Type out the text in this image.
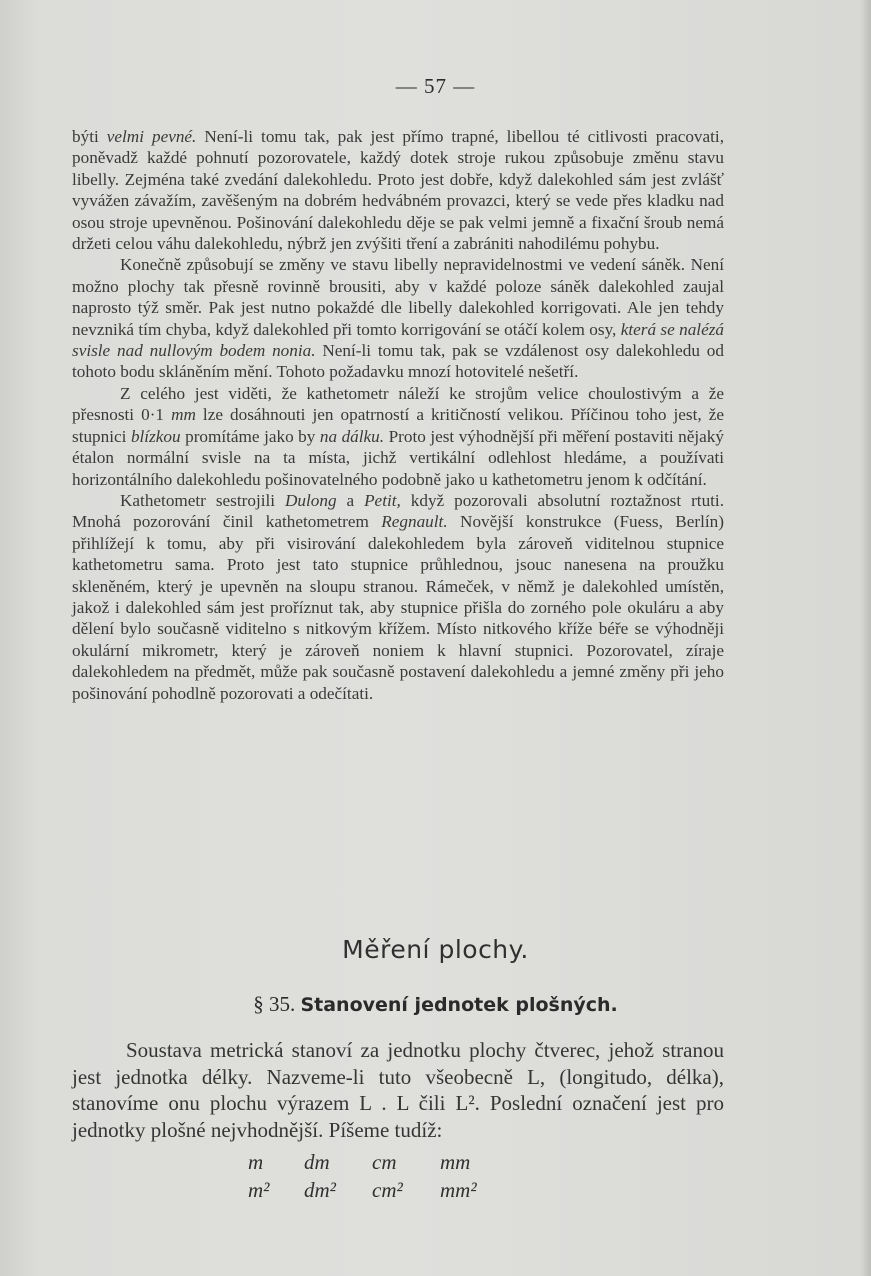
— 57 —

býti velmi pevné. Není-li tomu tak, pak jest přímo trapné, libellou té citlivosti pracovati, poněvadž každé pohnutí pozorovatele, každý dotek stroje rukou způsobuje změnu stavu libelly. Zejména také zvedání dalekohledu. Proto jest dobře, když dalekohled sám jest zvlášť vyvážen závažím, zavěšeným na dobrém hedvábném provazci, který se vede přes kladku nad osou stroje upevněnou. Pošinování dalekohledu děje se pak velmi jemně a fixační šroub nemá držeti celou váhu dalekohledu, nýbrž jen zvýšiti tření a zabrániti nahodilému pohybu.

Konečně způsobují se změny ve stavu libelly nepravidelnostmi ve vedení sáněk. Není možno plochy tak přesně rovinně brousiti, aby v každé poloze sáněk dalekohled zaujal naprosto týž směr. Pak jest nutno pokaždé dle libelly dalekohled korrigovati. Ale jen tehdy nevzniká tím chyba, když dalekohled při tomto korrigování se otáčí kolem osy, která se nalézá svisle nad nullovým bodem nonia. Není-li tomu tak, pak se vzdálenost osy dalekohledu od tohoto bodu skláněním mění. Tohoto požadavku mnozí hotovitelé nešetří.

Z celého jest viděti, že kathetometr náleží ke strojům velice choulostivým a že přesnosti 0·1 mm lze dosáhnouti jen opatrností a kritičností velikou. Příčinou toho jest, že stupnici blízkou promítáme jako by na dálku. Proto jest výhodnější při měření postaviti nějaký étalon normální svisle na ta místa, jichž vertikální odlehlost hledáme, a používati horizontálního dalekohledu pošinovatelného podobně jako u kathetometru jenom k odčítání.

Kathetometr sestrojili Dulong a Petit, když pozorovali absolutní roztažnost rtuti. Mnohá pozorování činil kathetometrem Regnault. Novější konstrukce (Fuess, Berlín) přihlížejí k tomu, aby při visirování dalekohledem byla zároveň viditelnou stupnice kathetometru sama. Proto jest tato stupnice průhlednou, jsouc nanesena na proužku skleněném, který je upevněn na sloupu stranou. Rámeček, v němž je dalekohled umístěn, jakož i dalekohled sám jest proříznut tak, aby stupnice přišla do zorného pole okuláru a aby dělení bylo současně viditelno s nitkovým křížem. Místo nitkového kříže béře se výhodněji okulární mikrometr, který je zároveň noniem k hlavní stupnici. Pozorovatel, zíraje dalekohledem na předmět, může pak současně postavení dalekohledu a jemné změny při jeho pošinování pohodlně pozorovati a odečítati.

Měření plochy.
§ 35. Stanovení jednotek plošných.

Soustava metrická stanoví za jednotku plochy čtverec, jehož stranou jest jednotka délky. Nazveme-li tuto všeobecně L, (longitudo, délka), stanovíme onu plochu výrazem L . L čili L². Poslední označení jest pro jednotky plošné nejvhodnější. Píšeme tudíž:

m dm cm mm
m² dm² cm² mm²
